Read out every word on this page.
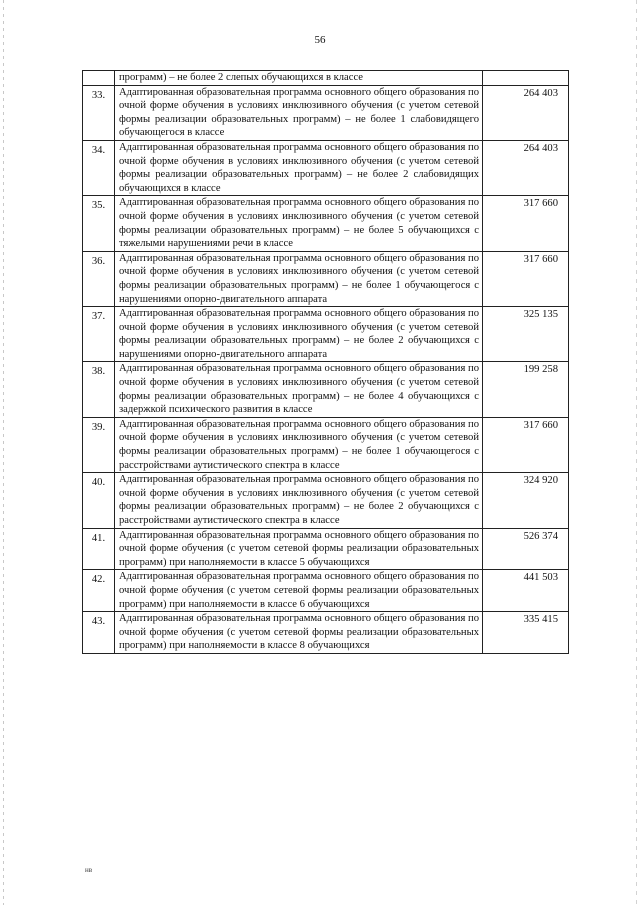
56
	программ) – не более 2 слепых обучающихся в классе	
33.	Адаптированная образовательная программа основного общего образования по очной форме обучения в условиях инклюзивного обучения (с учетом сетевой формы реализации образовательных программ) – не более 1 слабовидящего обучающегося в классе	264 403
34.	Адаптированная образовательная программа основного общего образования по очной форме обучения в условиях инклюзивного обучения (с учетом сетевой формы реализации образовательных программ) – не более 2 слабовидящих обучающихся в классе	264 403
35.	Адаптированная образовательная программа основного общего образования по очной форме обучения в условиях инклюзивного обучения (с учетом сетевой формы реализации образовательных программ) – не более 5 обучающихся с тяжелыми нарушениями речи в классе	317 660
36.	Адаптированная образовательная программа основного общего образования по очной форме обучения в условиях инклюзивного обучения (с учетом сетевой формы реализации образовательных программ) – не более 1 обучающегося с нарушениями опорно-двигательного аппарата	317 660
37.	Адаптированная образовательная программа основного общего образования по очной форме обучения в условиях инклюзивного обучения (с учетом сетевой формы реализации образовательных программ) – не более 2 обучающихся с нарушениями опорно-двигательного аппарата	325 135
38.	Адаптированная образовательная программа основного общего образования по очной форме обучения в условиях инклюзивного обучения (с учетом сетевой формы реализации образовательных программ) – не более 4 обучающихся с задержкой психического развития в классе	199 258
39.	Адаптированная образовательная программа основного общего образования по очной форме обучения в условиях инклюзивного обучения (с учетом сетевой формы реализации образовательных программ) – не более 1 обучающегося с расстройствами аутистического спектра в классе	317 660
40.	Адаптированная образовательная программа основного общего образования по очной форме обучения в условиях инклюзивного обучения (с учетом сетевой формы реализации образовательных программ) – не более 2 обучающихся с расстройствами аутистического спектра в классе	324 920
41.	Адаптированная образовательная программа основного общего образования по очной форме обучения (с учетом сетевой формы реализации образовательных программ) при наполняемости в классе 5 обучающихся	526 374
42.	Адаптированная образовательная программа основного общего образования по очной форме обучения (с учетом сетевой формы реализации образовательных программ) при наполняемости в классе 6 обучающихся	441 503
43.	Адаптированная образовательная программа основного общего образования по очной форме обучения (с учетом сетевой формы реализации образовательных программ) при наполняемости в классе 8 обучающихся	335 415
нв
